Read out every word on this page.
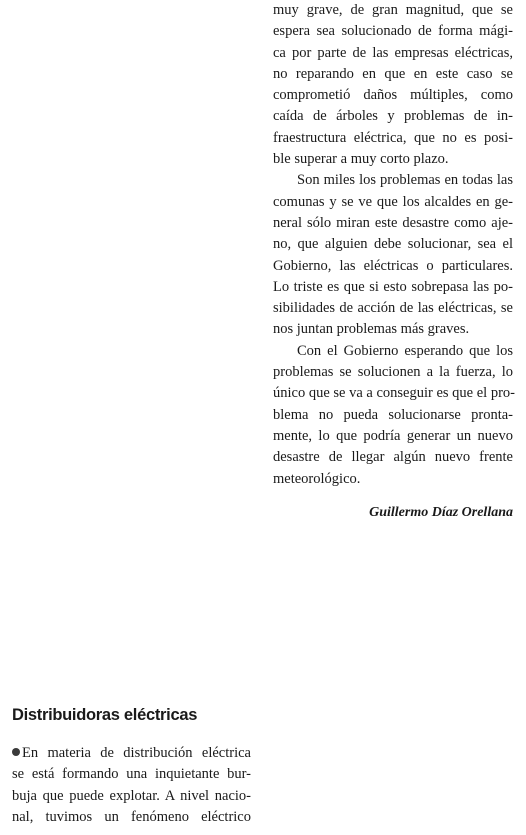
muy grave, de gran magnitud, que se
espera sea solucionado de forma mági-
ca por parte de las empresas eléctricas,
no reparando en que en este caso se
comprometió daños múltiples, como
caída de árboles y problemas de in-
fraestructura eléctrica, que no es posi-
ble superar a muy corto plazo.
Son miles los problemas en todas las
comunas y se ve que los alcaldes en ge-
neral sólo miran este desastre como aje-
no, que alguien debe solucionar, sea el
Gobierno, las eléctricas o particulares.
Lo triste es que si esto sobrepasa las po-
sibilidades de acción de las eléctricas, se
nos juntan problemas más graves.
Con el Gobierno esperando que los
problemas se solucionen a la fuerza, lo
único que se va a conseguir es que el pro-
blema no pueda solucionarse pronta-
mente, lo que podría generar un nuevo
desastre de llegar algún nuevo frente
meteorológico.
Guillermo Díaz Orellana
Distribuidoras eléctricas
En materia de distribución eléctrica
se está formando una inquietante bur-
buja que puede explotar. A nivel nacio-
nal, tuvimos un fenómeno eléctrico
